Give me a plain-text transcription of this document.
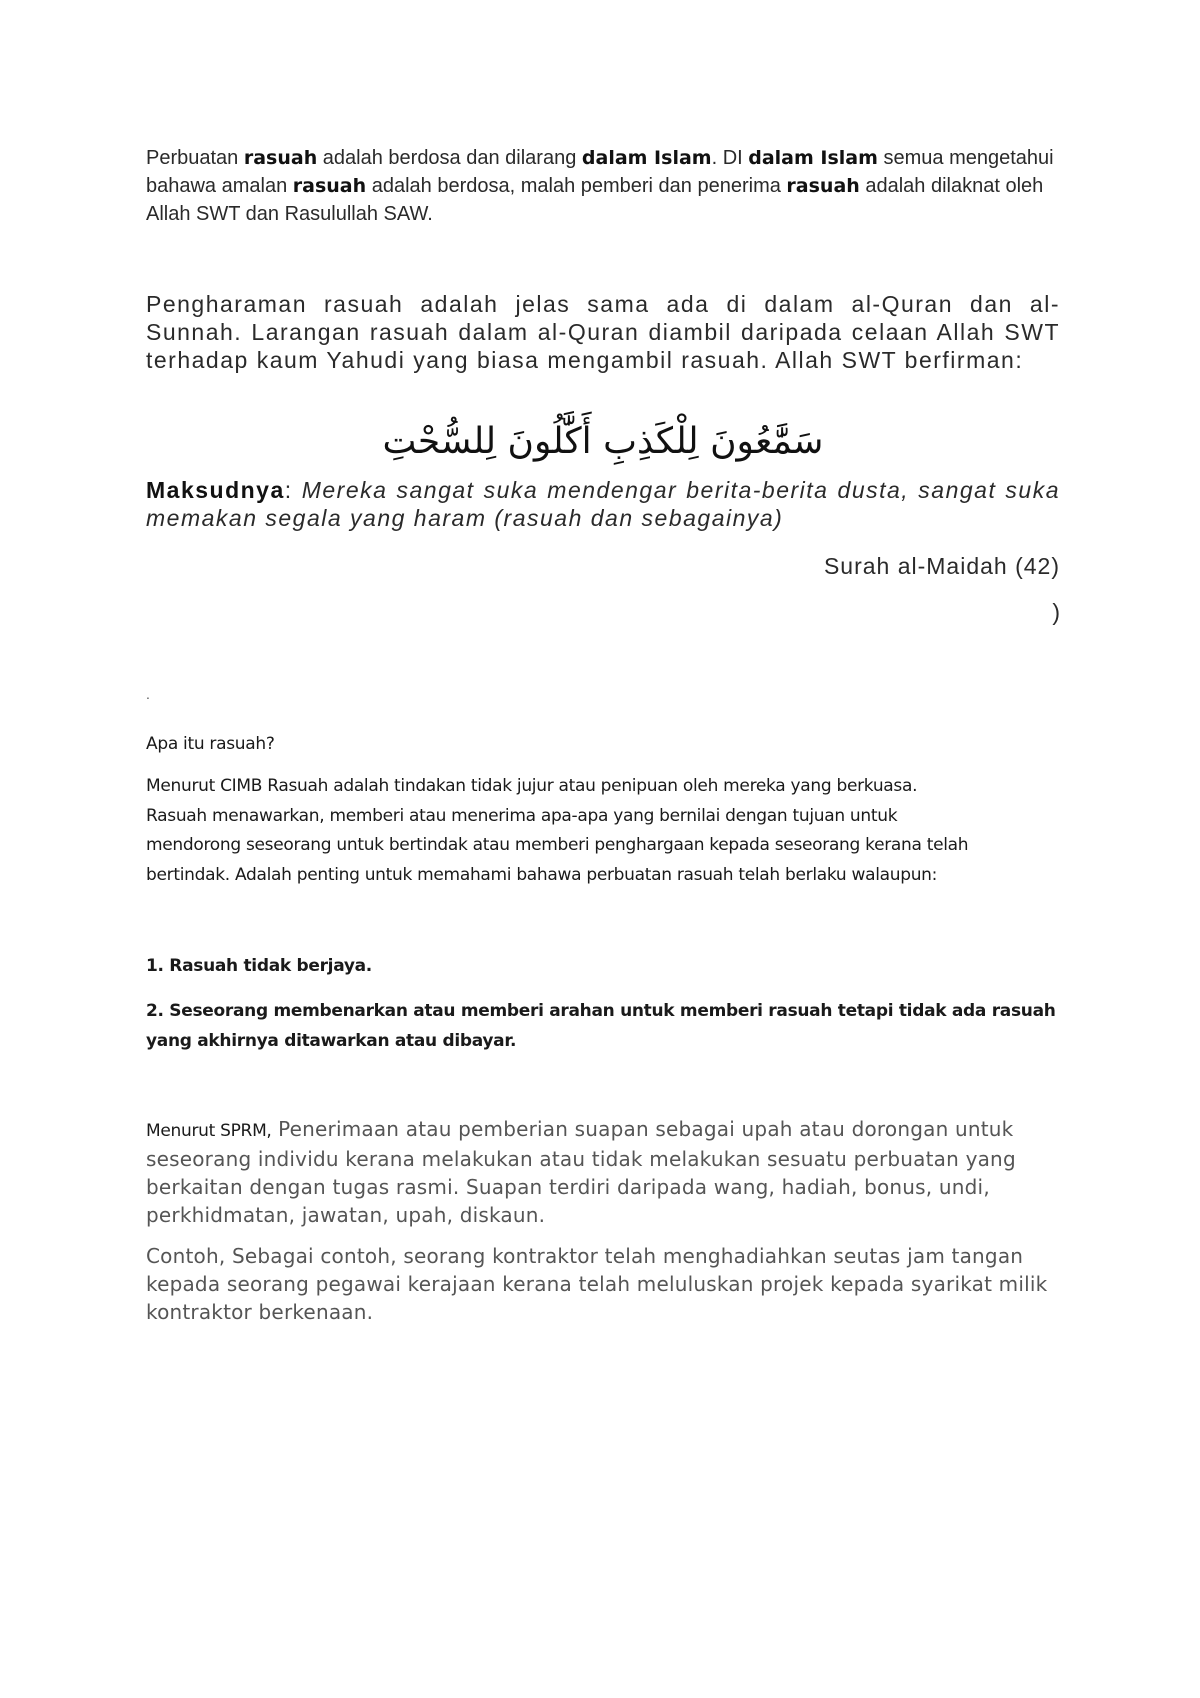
Perbuatan rasuah adalah berdosa dan dilarang dalam Islam. DI dalam Islam semua mengetahui bahawa amalan rasuah adalah berdosa, malah pemberi dan penerima rasuah adalah dilaknat oleh Allah SWT dan Rasulullah SAW.

Pengharaman rasuah adalah jelas sama ada di dalam al-Quran dan al-Sunnah. Larangan rasuah dalam al-Quran diambil daripada celaan Allah SWT terhadap kaum Yahudi yang biasa mengambil rasuah. Allah SWT berfirman:

سَمَّٰعُونَ لِلْكَذِبِ أَكَّٰلُونَ لِلسُّحْتِ

Maksudnya: Mereka sangat suka mendengar berita-berita dusta, sangat suka memakan segala yang haram (rasuah dan sebagainya)

Surah al-Maidah (42)

)

.

Apa itu rasuah?

Menurut CIMB Rasuah adalah tindakan tidak jujur atau penipuan oleh mereka yang berkuasa.
Rasuah menawarkan, memberi atau menerima apa-apa yang bernilai dengan tujuan untuk
mendorong seseorang untuk bertindak atau memberi penghargaan kepada seseorang kerana telah
bertindak. Adalah penting untuk memahami bahawa perbuatan rasuah telah berlaku walaupun:

1. Rasuah tidak berjaya.

2. Seseorang membenarkan atau memberi arahan untuk memberi rasuah tetapi tidak ada rasuah yang akhirnya ditawarkan atau dibayar.

Menurut SPRM, Penerimaan atau pemberian suapan sebagai upah atau dorongan untuk seseorang individu kerana melakukan atau tidak melakukan sesuatu perbuatan yang berkaitan dengan tugas rasmi. Suapan terdiri daripada wang, hadiah, bonus, undi, perkhidmatan, jawatan, upah, diskaun.

Contoh, Sebagai contoh, seorang kontraktor telah menghadiahkan seutas jam tangan kepada seorang pegawai kerajaan kerana telah meluluskan projek kepada syarikat milik kontraktor berkenaan.
